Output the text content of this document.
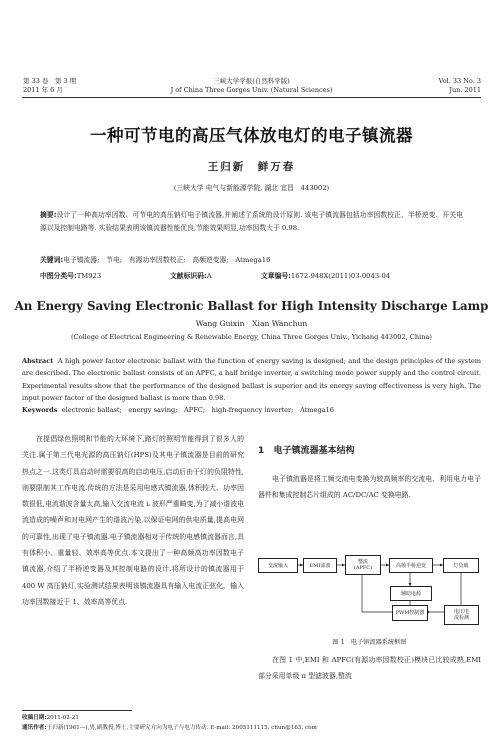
第 33 卷　第 3 期
2011 年 6 月
三峡大学学报(自然科学版)
J of China Three Gorges Univ. (Natural Sciences)
Vol. 33 No. 3
Jun. 2011
一种可节电的高压气体放电灯的电子镇流器
王归新　鲜万春
(三峡大学 电气与新能源学院, 湖北 宜昌　443002)
摘要:设计了一种高功率因数、可节电的高压钠灯电子镇流器,并阐述了系统的设计原则. 该电子镇流器包括功率因数校正、半桥逆变、开关电源以及控制电路等. 实验结果表明该镇流器性能优良,节能效果明显,功率因数大于 0.98.
关键词:电子镇流器;　节电;　有源功率因数校正;　高频逆变器;　Atmega16
中图分类号:TM923	文献标识码:A	文章编号:1672-948X(2011)03-0043-04
An Energy Saving Electronic Ballast for High Intensity Discharge Lamp
Wang Guixin　Xian Wanchun
(College of Electrical Engineering & Renewable Energy, China Three Gorges Univ., Yichang 443002, China)
Abstract A high power factor electronic ballast with the function of energy saving is designed; and the design principles of the system are described. The electronic ballast consists of an APFC, a half bridge inverter, a switching mode power supply and the control circuit. Experimental results show that the performance of the designed ballast is superior and its energy saving effectiveness is very high. The input power factor of the designed ballast is more than 0.98.
Keywords electronic ballast;　energy saving;　APFC;　high-frequency inverter;　Atmega16
在提倡绿色照明和节能的大环境下,路灯的照明节能得到了很多人的关注.属于第三代电光源的高压钠灯(HPS)及其电子镇流器是目前的研究热点之一.这类灯具启动时需要很高的启动电压,启动后由于灯的负阻特性,则要限制其工作电流.传统的方法是采用电感式镇流器,体积较大、功率因数很低,电流谐波含量太高,输入交流电流 iᵢ 波形严重畸变,为了减小谐波电流造成的噪声和对电网产生的谐波污染,以保证电网的供电质量,提高电网的可靠性,出现了电子镇流器.电子镇流器相对于传统的电感镇流器而言,具有体积小、重量轻、效率高等优点.本文提出了一种高频高功率因数电子镇流器,介绍了半桥逆变器及其控制电路的设计.将所设计的镇流器用于 400 W 高压钠灯,实验测试结果表明该镇流器具有输入电流正弦化、输入功率因数接近于 1、效率高等优点.
1 电子镇流器基本结构
电子镇流器是将工频交流电变换为较高频率的交流电、利用电力电子器件和集成控制芯片组成的 AC/DC/AC 变换电路.
交流输入	EMI滤波
整流
(APFC)	高频半桥逆变	灯负载
辅助电源
PWM控制器	电压电
流检测
图 1　电子镇流器系统框图
在图 1 中,EMI 和 APFC(有源功率因数校正)模块已比较成熟,EMI 部分采用单级 π 型滤波器,整流
收稿日期:2011-02-21
通讯作者:王归新(1961—),男,副教授,博士,主要研究方向为电子与电力传动. E-mail: 2005111115. chun@163. com
